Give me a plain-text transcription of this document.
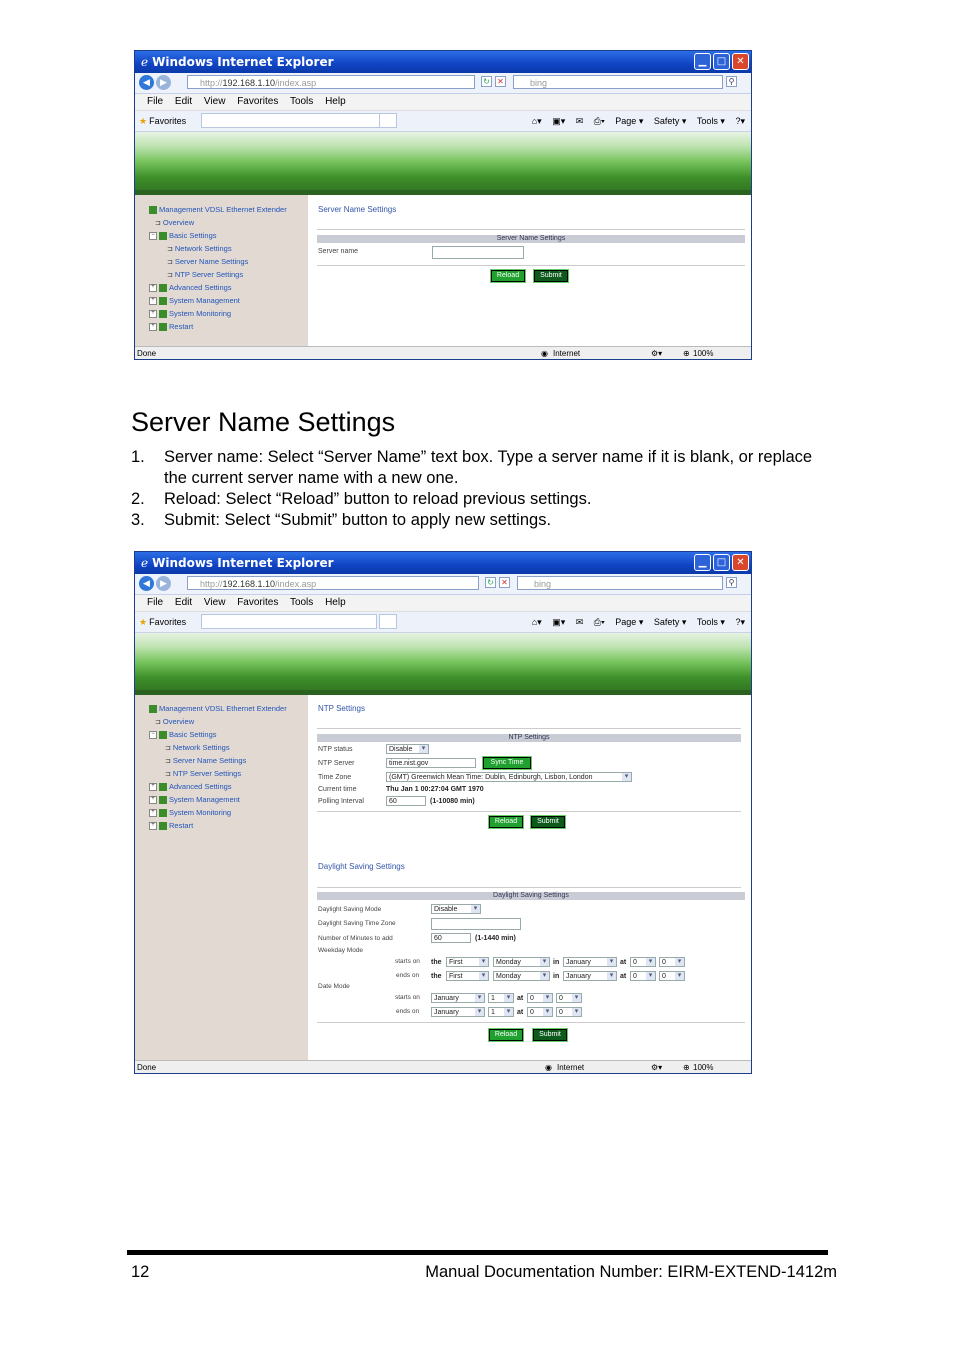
ℯ Windows Internet Explorer	▁	□	✕
◀	▶	http://192.168.1.10/index.asp	↻ ✕	bing	⚲
File Edit View Favorites Tools Help
★ Favorites	⌂▾ ▣▾ ✉ ⎙▾ Page ▾ Safety ▾ Tools ▾ ?▾
Management VDSL Ethernet Extender
⊐ Overview
− Basic Settings
⊐ Network Settings
⊐ Server Name Settings
⊐ NTP Server Settings
+ Advanced Settings
+ System Management
+ System Monitoring
+ Restart
Server Name Settings
Server Name Settings
Server name
Reload	Submit
Done	◉ Internet	⚙▾	⊕ 100%
Server Name Settings
1. Server name: Select “Server Name” text box. Type a server name if it is blank, or replace the current server name with a new one.
2. Reload: Select “Reload” button to reload previous settings.
3. Submit: Select “Submit” button to apply new settings.
ℯ Windows Internet Explorer	▁	□	✕
◀	▶	http://192.168.1.10/index.asp	↻ ✕	bing	⚲
File Edit View Favorites Tools Help
★ Favorites	⌂▾ ▣▾ ✉ ⎙▾ Page ▾ Safety ▾ Tools ▾ ?▾
Management VDSL Ethernet Extender
⊐ Overview
− Basic Settings
⊐ Network Settings
⊐ Server Name Settings
⊐ NTP Server Settings
+ Advanced Settings
+ System Management
+ System Monitoring
+ Restart
NTP Settings
NTP Settings
NTP status	Disable ▾
NTP Server	time.nist.gov	Sync Time
Time Zone	(GMT) Greenwich Mean Time: Dublin, Edinburgh, Lisbon, London ▾
Current time	Thu Jan 1 00:27:04 GMT 1970
Polling Interval	60	(1-10080 min)
Reload	Submit
Daylight Saving Settings
Daylight Saving Settings
Daylight Saving Mode	Disable ▾
Daylight Saving Time Zone
Number of Minutes to add	60	(1-1440 min)
Weekday Mode
starts on the	First ▾	Monday ▾	in January ▾	at 0 ▾	0 ▾
ends on the	First ▾	Monday ▾	in January ▾	at 0 ▾	0 ▾
Date Mode
starts on	January ▾	1 ▾	at 0 ▾	0 ▾
ends on	January ▾	1 ▾	at 0 ▾	0 ▾
Reload	Submit
Done	◉ Internet	⚙▾	⊕ 100%
12	Manual Documentation Number: EIRM-EXTEND-1412m
